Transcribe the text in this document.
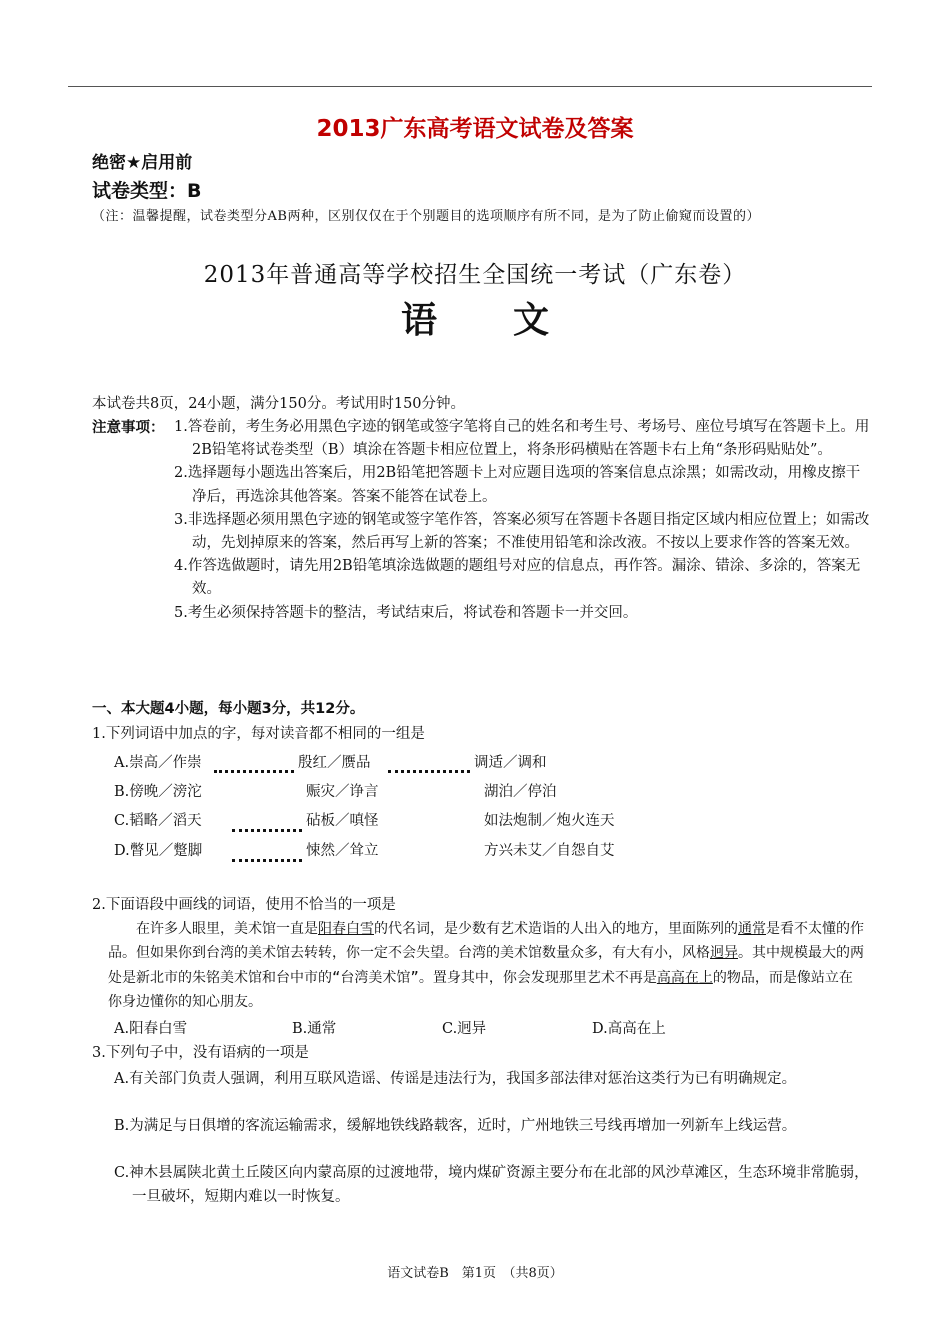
2013广东高考语文试卷及答案
绝密★启用前
试卷类型：B
（注：温馨提醒，试卷类型分AB两种，区别仅仅在于个别题目的选项顺序有所不同，是为了防止偷窥而设置的）
2013年普通高等学校招生全国统一考试（广东卷）
语 文
本试卷共8页，24小题，满分150分。考试用时150分钟。
注意事项： 1.答卷前，考生务必用黑色字迹的钢笔或签字笔将自己的姓名和考生号、考场号、座位号填写在答题卡上。用2B铅笔将试卷类型（B）填涂在答题卡相应位置上，将条形码横贴在答题卡右上角“条形码贴贴处”。
2.选择题每小题选出答案后，用2B铅笔把答题卡上对应题目选项的答案信息点涂黑；如需改动，用橡皮擦干净后，再选涂其他答案。答案不能答在试卷上。
3.非选择题必须用黑色字迹的钢笔或签字笔作答，答案必须写在答题卡各题目指定区域内相应位置上；如需改动，先划掉原来的答案，然后再写上新的答案；不准使用铅笔和涂改液。不按以上要求作答的答案无效。
4.作答选做题时，请先用2B铅笔填涂选做题的题组号对应的信息点，再作答。漏涂、错涂、多涂的，答案无效。
5.考生必须保持答题卡的整洁，考试结束后，将试卷和答题卡一并交回。
一、本大题4小题，每小题3分，共12分。
1.下列词语中加点的字，每对读音都不相同的一组是
A.崇高／作崇	殷红／赝品	调适／调和
B.傍晚／滂沱	赈灾／诤言	湖泊／停泊
C.韬略／滔天	砧板／嗔怪	如法炮制／炮火连天
D.瞥见／蹩脚	悚然／耸立	方兴未艾／自怨自艾
2.下面语段中画线的词语，使用不恰当的一项是
在许多人眼里，美术馆一直是阳春白雪的代名词，是少数有艺术造诣的人出入的地方，里面陈列的通常是看不太懂的作品。但如果你到台湾的美术馆去转转，你一定不会失望。台湾的美术馆数量众多，有大有小，风格迥异。其中规模最大的两处是新北市的朱铭美术馆和台中市的“台湾美术馆”。置身其中，你会发现那里艺术不再是高高在上的物品，而是像站立在你身边懂你的知心朋友。
A.阳春白雪	B.通常	C.迥异	D.高高在上
3.下列句子中，没有语病的一项是
A.有关部门负责人强调，利用互联风造谣、传谣是违法行为，我国多部法律对惩治这类行为已有明确规定。
B.为满足与日俱增的客流运输需求，缓解地铁线路载客，近时，广州地铁三号线再增加一列新车上线运营。
C.神木县属陕北黄土丘陵区向内蒙高原的过渡地带，境内煤矿资源主要分布在北部的风沙草滩区，生态环境非常脆弱，一旦破坏，短期内难以一时恢复。
语文试卷B　第1页　（共8页）
